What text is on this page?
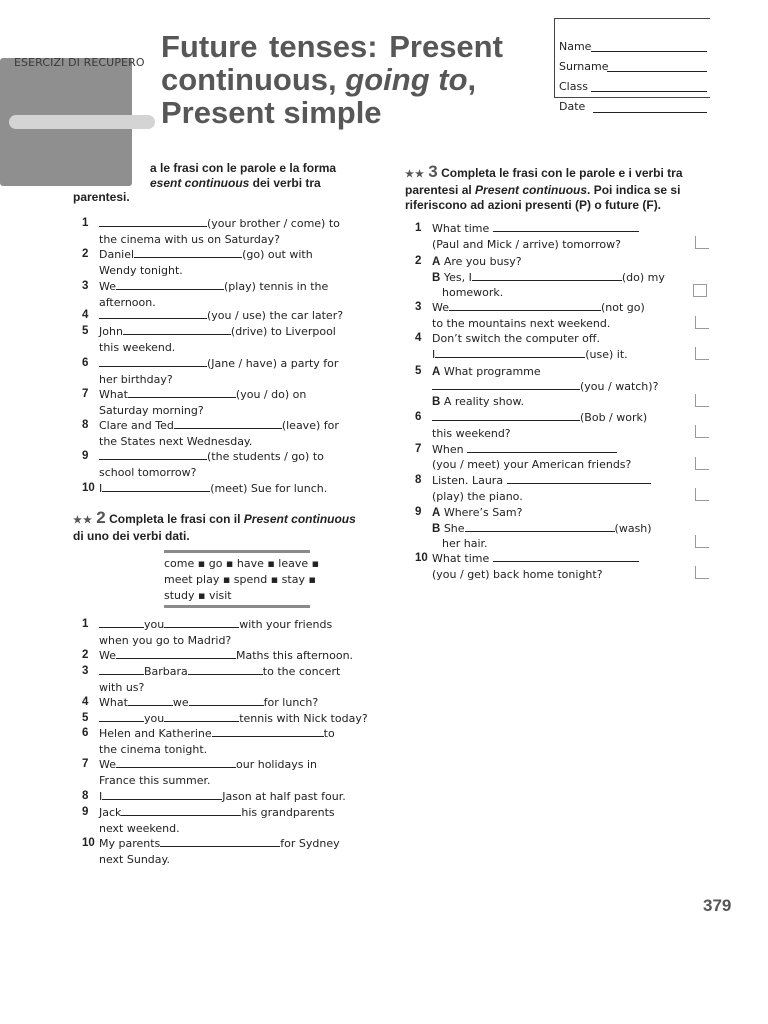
ESERCIZI DI RECUPERO Future tenses: Present
continuous, going to,
Present simple
Name
Surname
Class
Date
a le frasi con le parole e la forma
esent continuous dei verbi tra
parentesi.
1	(your brother / come) to
the cinema with us on Saturday?
2 Daniel	(go) out with
Wendy tonight.
3 We	(play) tennis in the
afternoon.
4	(you / use) the car later?
5 John	(drive) to Liverpool
this weekend.
6	(Jane / have) a party for
her birthday?
7 What	(you / do) on
Saturday morning?
8 Clare and Ted	(leave) for
the States next Wednesday.
9	(the students / go) to
school tomorrow?
10 I	(meet) Sue for lunch.
★★ 2 Completa le frasi con il Present continuous
di uno dei verbi dati.
come ▪ go ▪ have ▪ leave ▪
meet play ▪ spend ▪ stay ▪
study ▪ visit
1	you	with your friends
when you go to Madrid?
2 We	Maths this afternoon.
3	Barbara	to the concert
with us?
4 What	we	for lunch?
5	you	tennis with Nick today?
6 Helen and Katherine	to
the cinema tonight.
7 We	our holidays in
France this summer.
8 I	Jason at half past four.
9 Jack	his grandparents
next weekend.
10 My parents	for Sydney
next Sunday.
★★ 3 Completa le frasi con le parole e i verbi tra
parentesi al Present continuous. Poi indica se si
riferiscono ad azioni presenti (P) o future (F).
1 What time
(Paul and Mick / arrive) tomorrow?
2 A Are you busy?
B Yes, I	(do) my
homework.
3 We	(not go)
to the mountains next weekend.
4 Don’t switch the computer off.
I	(use) it.
5 A What programme
(you / watch)?
B A reality show.
6	(Bob / work)
this weekend?
7 When
(you / meet) your American friends?
8 Listen. Laura
(play) the piano.
9 A Where’s Sam?
B She	(wash)
her hair.
10 What time
(you / get) back home tonight?
379
